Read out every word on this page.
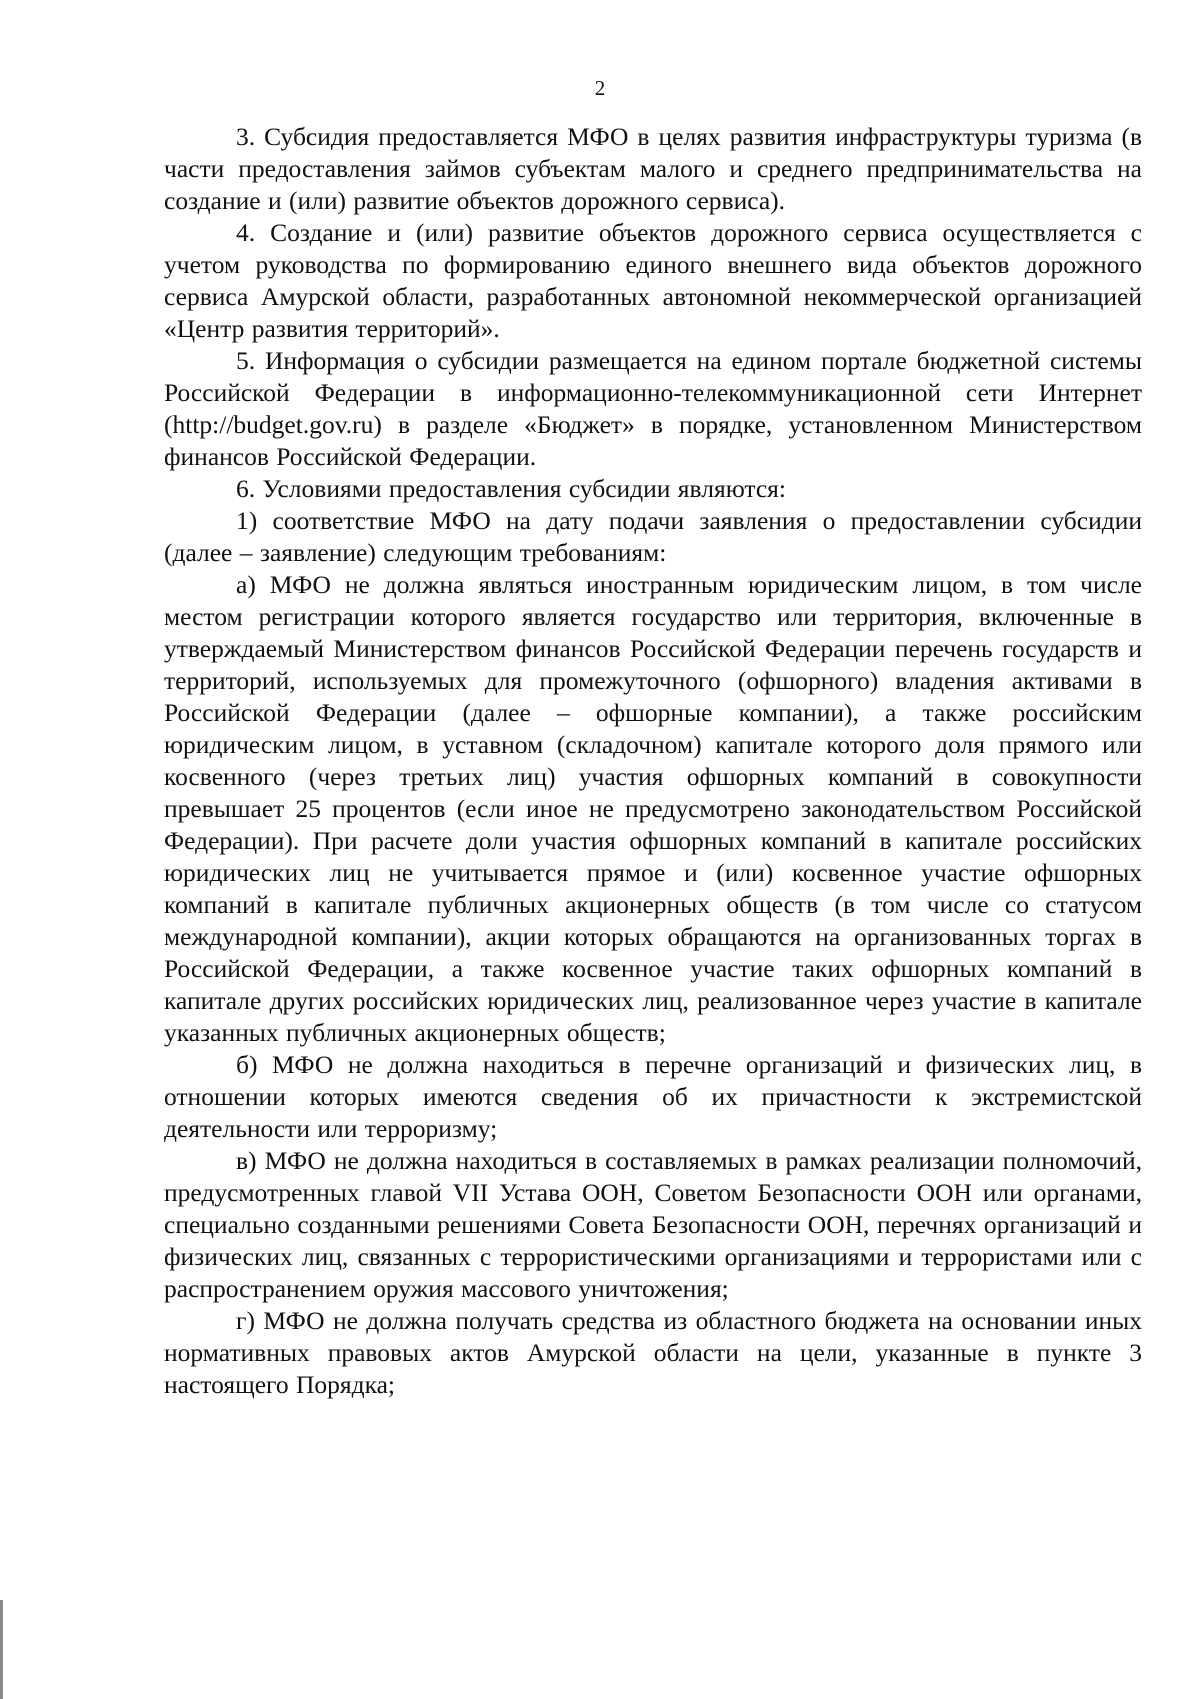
2

3. Субсидия предоставляется МФО в целях развития инфраструктуры туризма (в части предоставления займов субъектам малого и среднего предпринимательства на создание и (или) развитие объектов дорожного сервиса).

4. Создание и (или) развитие объектов дорожного сервиса осуществляется с учетом руководства по формированию единого внешнего вида объектов дорожного сервиса Амурской области, разработанных автономной некоммерческой организацией «Центр развития территорий».

5. Информация о субсидии размещается на едином портале бюджетной системы Российской Федерации в информационно-телекоммуникационной сети Интернет (http://budget.gov.ru) в разделе «Бюджет» в порядке, установленном Министерством финансов Российской Федерации.

6. Условиями предоставления субсидии являются:

1) соответствие МФО на дату подачи заявления о предоставлении субсидии (далее – заявление) следующим требованиям:

а) МФО не должна являться иностранным юридическим лицом, в том числе местом регистрации которого является государство или территория, включенные в утверждаемый Министерством финансов Российской Федерации перечень государств и территорий, используемых для промежуточного (офшорного) владения активами в Российской Федерации (далее – офшорные компании), а также российским юридическим лицом, в уставном (складочном) капитале которого доля прямого или косвенного (через третьих лиц) участия офшорных компаний в совокупности превышает 25 процентов (если иное не предусмотрено законодательством Российской Федерации). При расчете доли участия офшорных компаний в капитале российских юридических лиц не учитывается прямое и (или) косвенное участие офшорных компаний в капитале публичных акционерных обществ (в том числе со статусом международной компании), акции которых обращаются на организованных торгах в Российской Федерации, а также косвенное участие таких офшорных компаний в капитале других российских юридических лиц, реализованное через участие в капитале указанных публичных акционерных обществ;

б) МФО не должна находиться в перечне организаций и физических лиц, в отношении которых имеются сведения об их причастности к экстремистской деятельности или терроризму;

в) МФО не должна находиться в составляемых в рамках реализации полномочий, предусмотренных главой VII Устава ООН, Советом Безопасности ООН или органами, специально созданными решениями Совета Безопасности ООН, перечнях организаций и физических лиц, связанных с террористическими организациями и террористами или с распространением оружия массового уничтожения;

г) МФО не должна получать средства из областного бюджета на основании иных нормативных правовых актов Амурской области на цели, указанные в пункте 3 настоящего Порядка;
